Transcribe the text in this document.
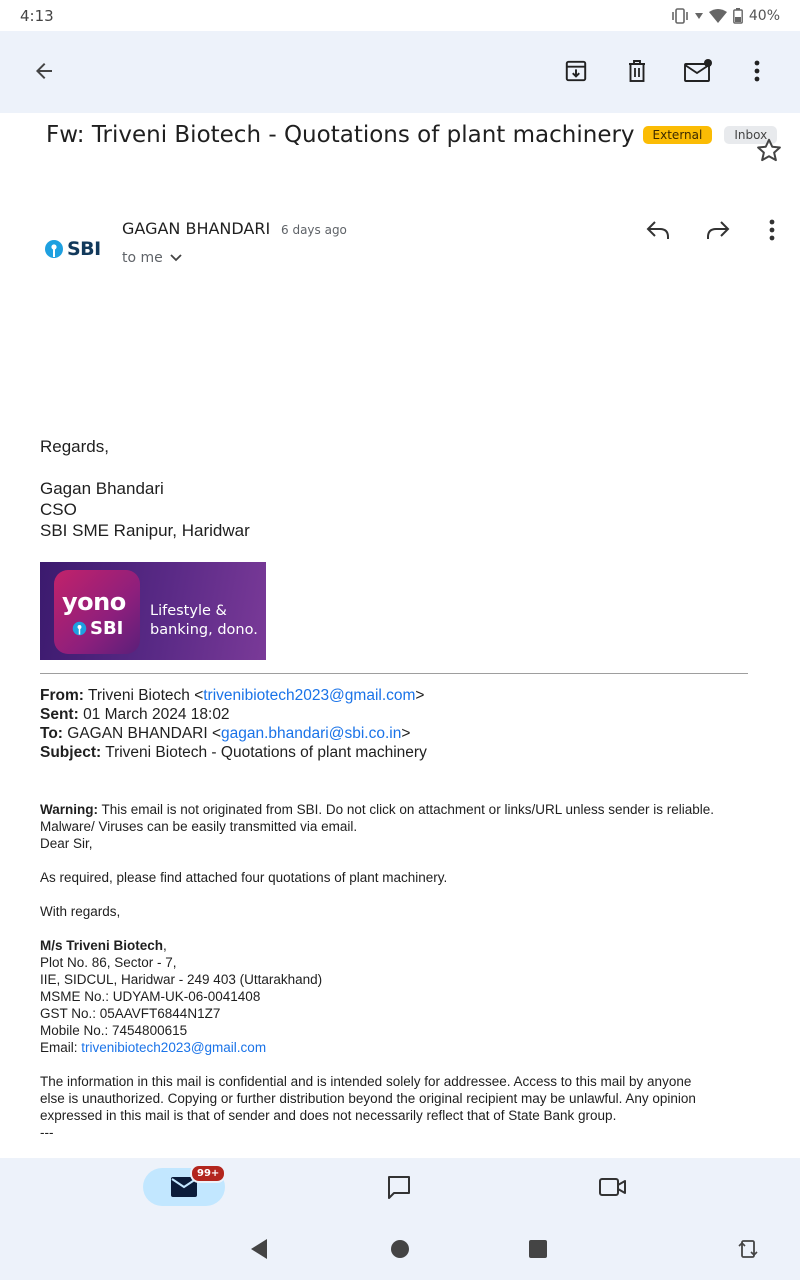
4:13	40%
Fw: Triveni Biotech - Quotations of plant machinery	External	Inbox
SBI
GAGAN BHANDARI 6 days ago
to me
Regards,
Gagan Bhandari
CSO
SBI SME Ranipur, Haridwar
yono
SBI
Lifestyle &
banking, dono.
From: Triveni Biotech <trivenibiotech2023@gmail.com>
Sent: 01 March 2024 18:02
To: GAGAN BHANDARI <gagan.bhandari@sbi.co.in>
Subject: Triveni Biotech - Quotations of plant machinery
Warning: This email is not originated from SBI. Do not click on attachment or links/URL unless sender is reliable.
Malware/ Viruses can be easily transmitted via email.
Dear Sir,
As required, please find attached four quotations of plant machinery.
With regards,
M/s Triveni Biotech,
Plot No. 86, Sector - 7,
IIE, SIDCUL, Haridwar - 249 403 (Uttarakhand)
MSME No.: UDYAM-UK-06-0041408
GST No.: 05AAVFT6844N1Z7
Mobile No.: 7454800615
Email: trivenibiotech2023@gmail.com
The information in this mail is confidential and is intended solely for addressee. Access to this mail by anyone
else is unauthorized. Copying or further distribution beyond the original recipient may be unlawful. Any opinion
expressed in this mail is that of sender and does not necessarily reflect that of State Bank group.
---
99+
